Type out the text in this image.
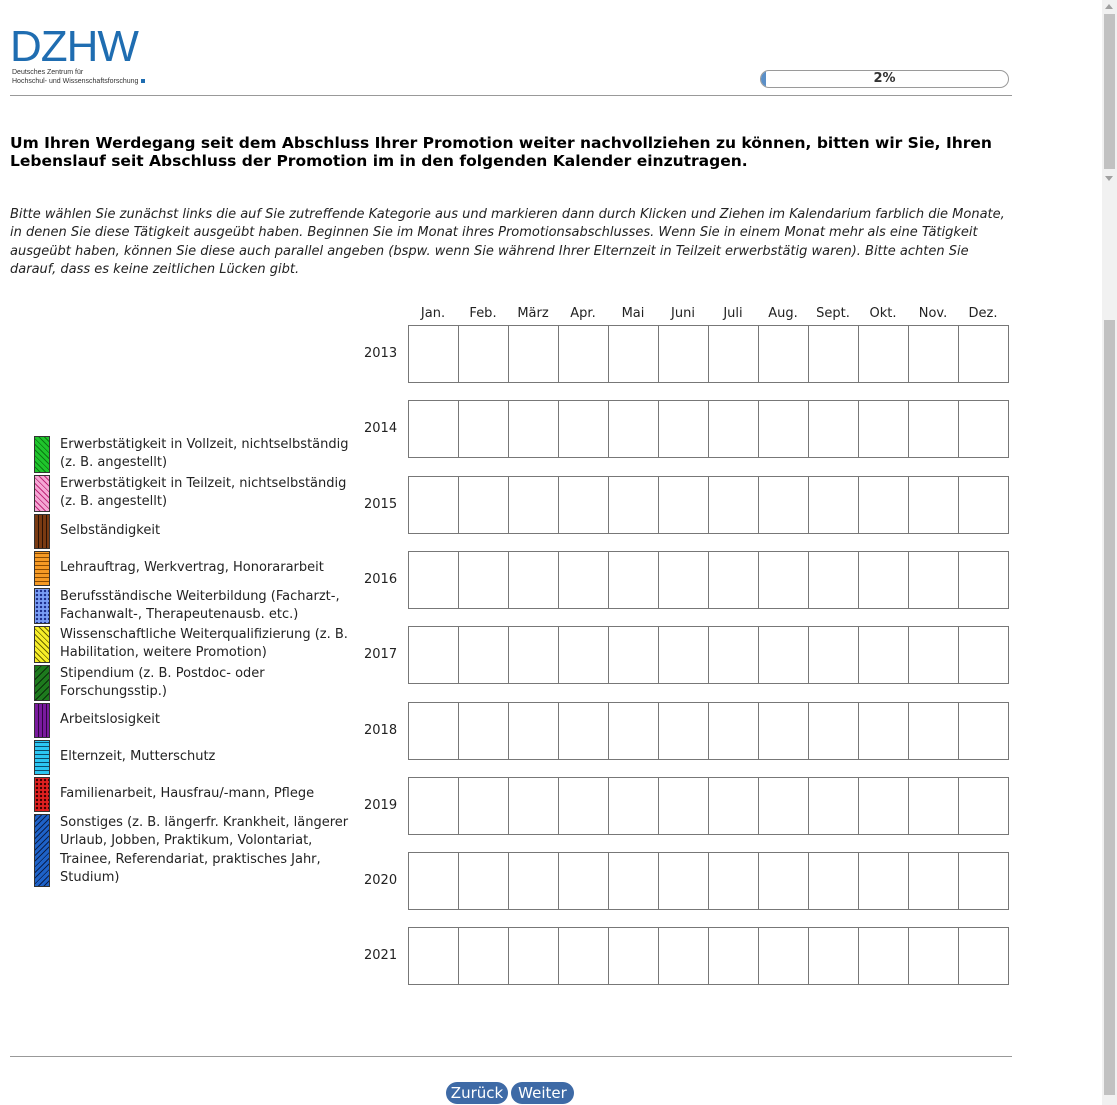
DZHW
Deutsches Zentrum für
Hochschul- und Wissenschaftsforschung	2%
Um Ihren Werdegang seit dem Abschluss Ihrer Promotion weiter nachvollziehen zu können, bitten wir Sie, Ihren Lebenslauf seit Abschluss der Promotion im in den folgenden Kalender einzutragen.
Bitte wählen Sie zunächst links die auf Sie zutreffende Kategorie aus und markieren dann durch Klicken und Ziehen im Kalendarium farblich die Monate, in denen Sie diese Tätigkeit ausgeübt haben. Beginnen Sie im Monat ihres Promotionsabschlusses. Wenn Sie in einem Monat mehr als eine Tätigkeit ausgeübt haben, können Sie diese auch parallel angeben (bspw. wenn Sie während Ihrer Elternzeit in Teilzeit erwerbstätig waren). Bitte achten Sie darauf, dass es keine zeitlichen Lücken gibt.
Erwerbstätigkeit in Vollzeit, nichtselbständig (z. B. angestellt)
Erwerbstätigkeit in Teilzeit, nichtselbständig (z. B. angestellt)
Selbständigkeit
Lehrauftrag, Werkvertrag, Honorararbeit
Berufsständische Weiterbildung (Facharzt-, Fachanwalt-, Therapeutenausb. etc.)
Wissenschaftliche Weiterqualifizierung (z. B. Habilitation, weitere Promotion)
Stipendium (z. B. Postdoc- oder Forschungsstip.)
Arbeitslosigkeit
Elternzeit, Mutterschutz
Familienarbeit, Hausfrau/-mann, Pflege
Sonstiges (z. B. längerfr. Krankheit, längerer Urlaub, Jobben, Praktikum, Volontariat, Trainee, Referendariat, praktisches Jahr, Studium)
Jan.	Feb.	März	Apr.	Mai	Juni	Juli	Aug.	Sept.	Okt.	Nov.	Dez.
2013
2014
2015
2016
2017
2018
2019
2020
2021
Zurück Weiter
